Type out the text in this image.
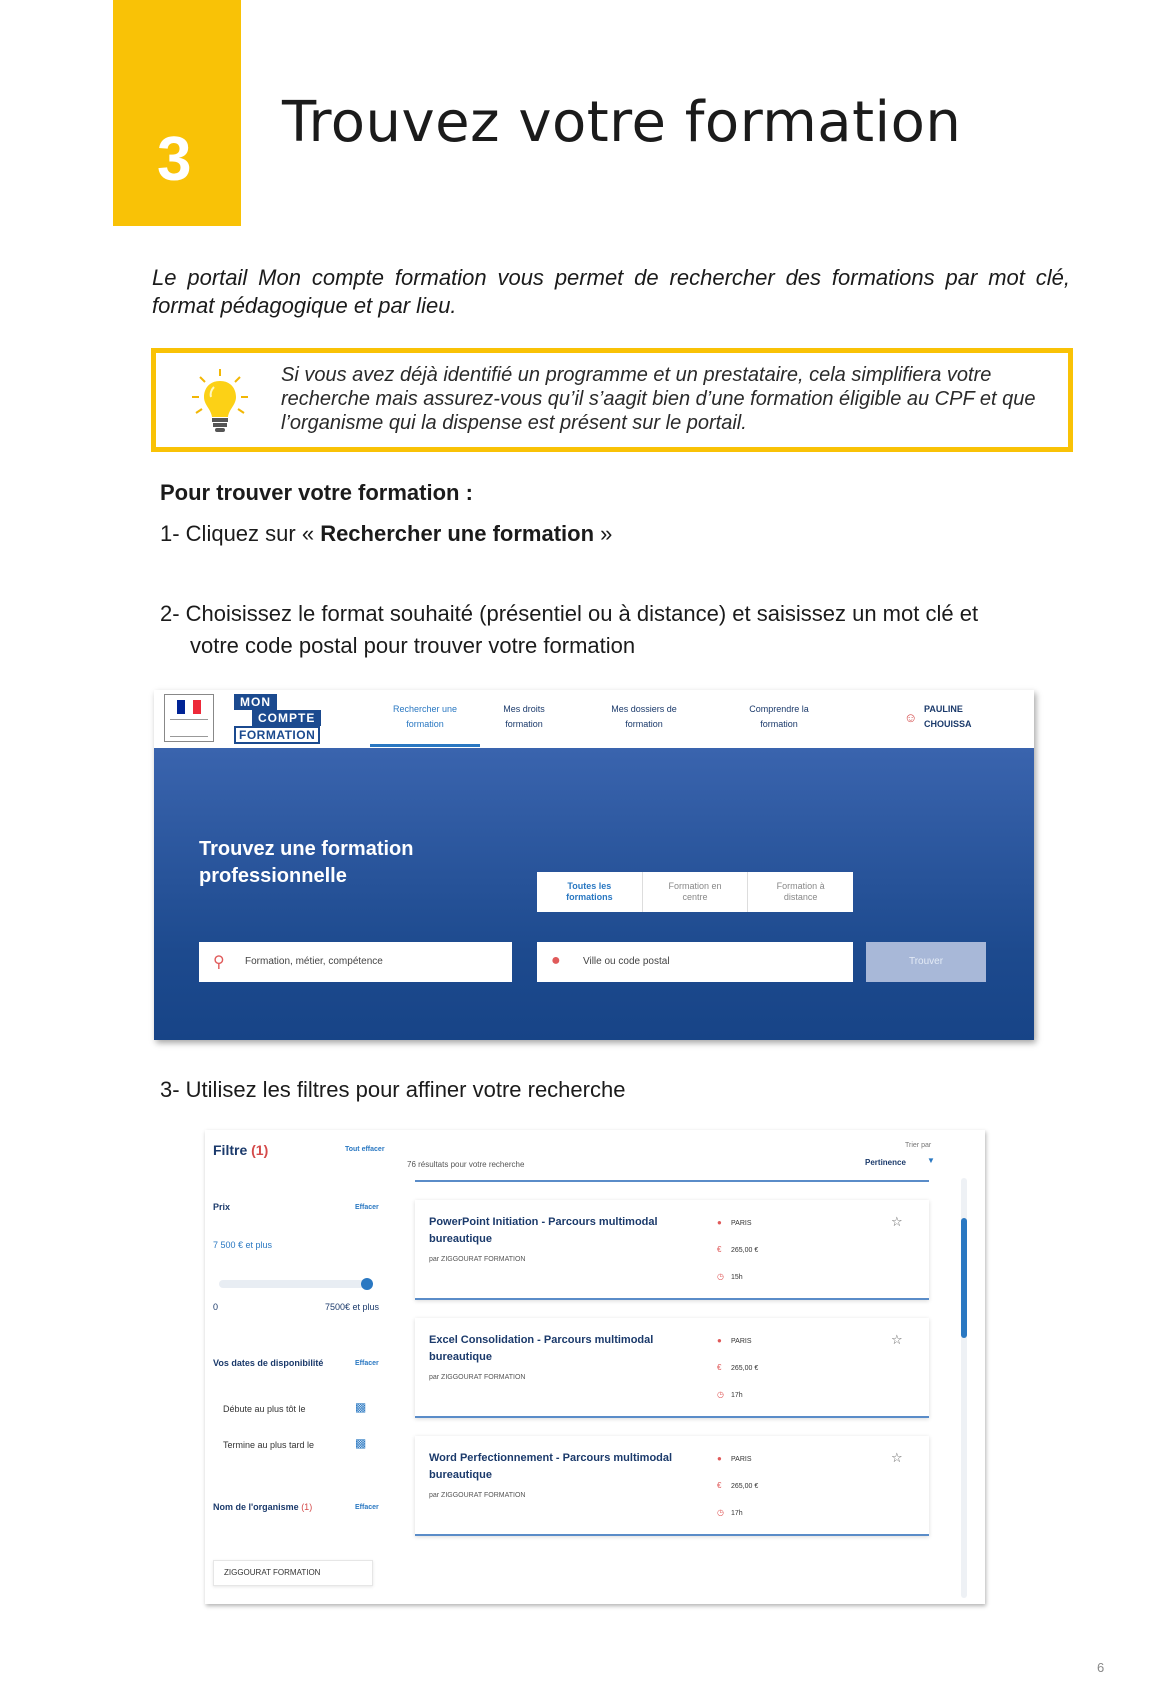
3
Trouvez votre formation

Le portail Mon compte formation vous permet de rechercher des formations par mot clé, format pédagogique et par lieu.

Si vous avez déjà identifié un programme et un prestataire, cela simplifiera votre recherche mais assurez-vous qu’il s’aagit bien d’une formation éligible au CPF et que l’organisme qui la dispense est présent sur le portail.

Pour trouver votre formation :

1- Cliquez sur « Rechercher une formation »

2- Choisissez le format souhaité (présentiel ou à distance) et saisissez un mot clé et
votre code postal pour trouver votre formation

MON
COMPTE
FORMATION
Rechercher une
formation
Mes droits
formation
Mes dossiers de
formation
Comprendre la
formation	☺
PAULINE
CHOUISSA
Trouvez une formation
professionnelle	Toutes les
formations
Formation en
centre
Formation à
distance
⚲ Formation, métier, compétence	● Ville ou code postal	Trouver

3- Utilisez les filtres pour affiner votre recherche

Filtre (1)	Tout effacer
Prix	Effacer
7 500 € et plus
0	7500€ et plus
Vos dates de disponibilité	Effacer
Débute au plus tôt le	▩
Termine au plus tard le	▩
Nom de l'organisme (1)	Effacer
ZIGGOURAT FORMATION
76 résultats pour votre recherche
Trier par
Pertinence	▼
PowerPoint Initiation - Parcours multimodal bureautique
par ZIGGOURAT FORMATION
● PARIS
€ 265,00 €
◷ 15h
☆
Excel Consolidation - Parcours multimodal bureautique
par ZIGGOURAT FORMATION
● PARIS
€ 265,00 €
◷ 17h
☆
Word Perfectionnement - Parcours multimodal bureautique
par ZIGGOURAT FORMATION
● PARIS
€ 265,00 €
◷ 17h
☆
6
